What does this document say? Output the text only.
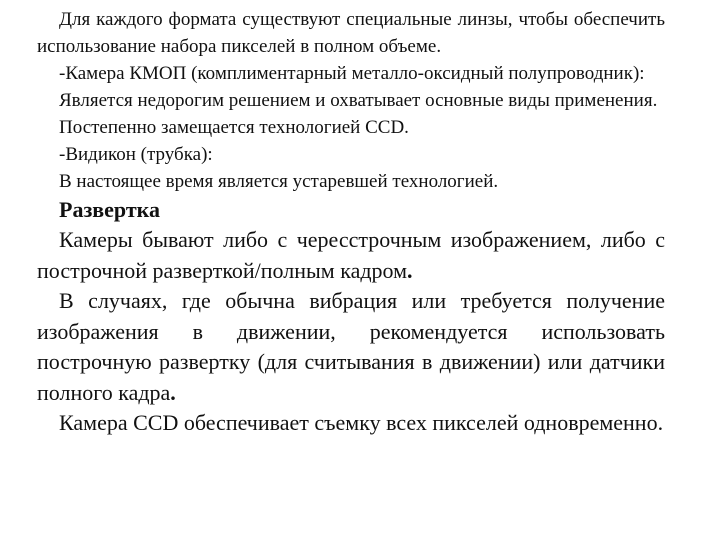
Для каждого формата существуют специальные линзы, чтобы обеспечить использование набора пикселей в полном объеме.

-Камера КМОП (комплиментарный металло-оксидный полупроводник):

Является недорогим решением и охватывает основные виды применения.

Постепенно замещается технологией CCD.

-Видикон (трубка):

В настоящее время является устаревшей технологией.

Развертка

Камеры бывают либо с чересстрочным изображением, либо с построчной разверткой/полным кадром.

В случаях, где обычна вибрация или требуется получение изображения в движении, рекомендуется использовать построчную развертку (для считывания в движении) или датчики полного кадра.

Камера CCD обеспечивает съемку всех пикселей одновременно.
